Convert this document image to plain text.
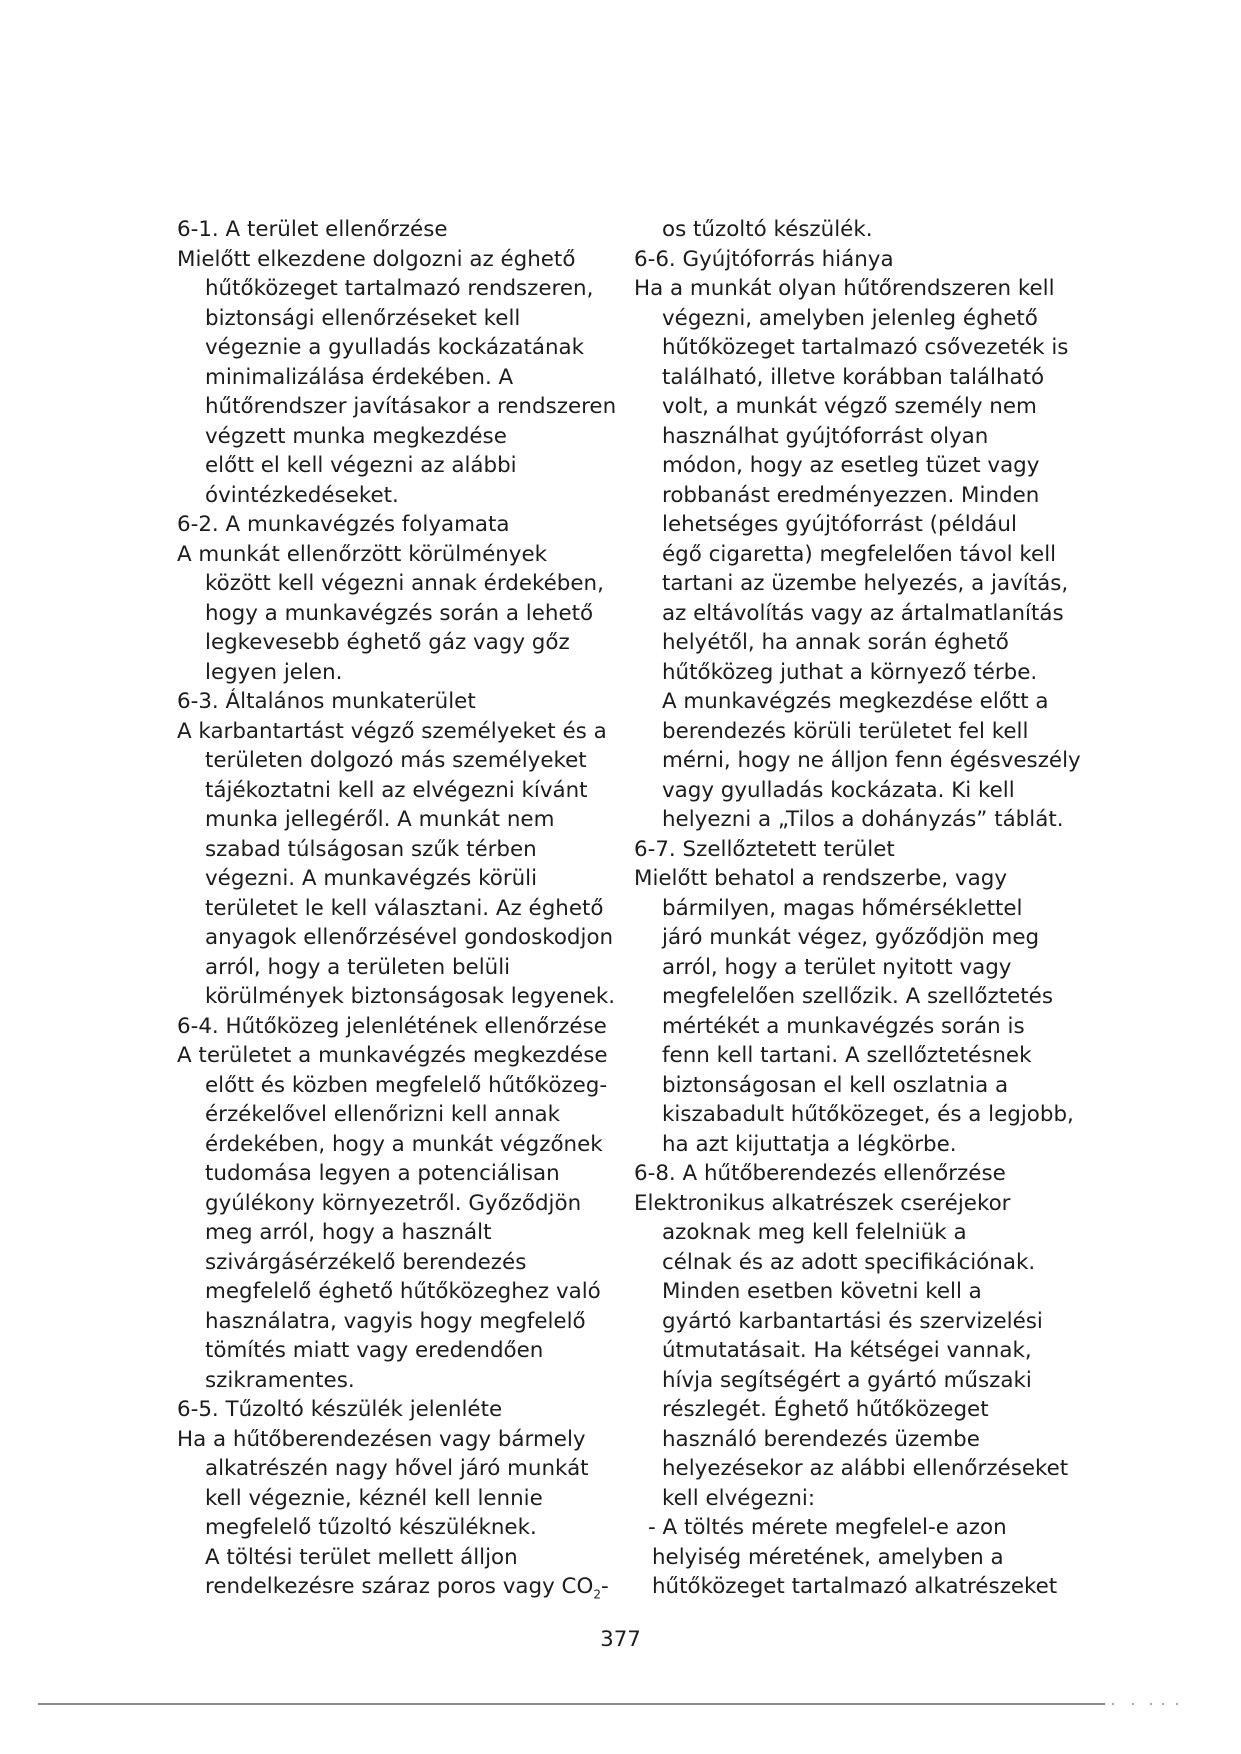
6-1. A terület ellenőrzése
Mielőtt elkezdene dolgozni az éghető
hűtőközeget tartalmazó rendszeren,
biztonsági ellenőrzéseket kell
végeznie a gyulladás kockázatának
minimalizálása érdekében. A
hűtőrendszer javításakor a rendszeren
végzett munka megkezdése
előtt el kell végezni az alábbi
óvintézkedéseket.
6-2. A munkavégzés folyamata
A munkát ellenőrzött körülmények
között kell végezni annak érdekében,
hogy a munkavégzés során a lehető
legkevesebb éghető gáz vagy gőz
legyen jelen.
6-3. Általános munkaterület
A karbantartást végző személyeket és a
területen dolgozó más személyeket
tájékoztatni kell az elvégezni kívánt
munka jellegéről. A munkát nem
szabad túlságosan szűk térben
végezni. A munkavégzés körüli
területet le kell választani. Az éghető
anyagok ellenőrzésével gondoskodjon
arról, hogy a területen belüli
körülmények biztonságosak legyenek.
6-4. Hűtőközeg jelenlétének ellenőrzése
A területet a munkavégzés megkezdése
előtt és közben megfelelő hűtőközeg-
érzékelővel ellenőrizni kell annak
érdekében, hogy a munkát végzőnek
tudomása legyen a potenciálisan
gyúlékony környezetről. Győződjön
meg arról, hogy a használt
szivárgásérzékelő berendezés
megfelelő éghető hűtőközeghez való
használatra, vagyis hogy megfelelő
tömítés miatt vagy eredendően
szikramentes.
6-5. Tűzoltó készülék jelenléte
Ha a hűtőberendezésen vagy bármely
alkatrészén nagy hővel járó munkát
kell végeznie, kéznél kell lennie
megfelelő tűzoltó készüléknek.
A töltési terület mellett álljon
rendelkezésre száraz poros vagy $CO_2-$
os tűzoltó készülék.
6-6. Gyújtóforrás hiánya
Ha a munkát olyan hűtőrendszeren kell
végezni, amelyben jelenleg éghető
hűtőközeget tartalmazó csővezeték is
található, illetve korábban található
volt, a munkát végző személy nem
használhat gyújtóforrást olyan
módon, hogy az esetleg tüzet vagy
robbanást eredményezzen. Minden
lehetséges gyújtóforrást (például
égő cigaretta) megfelelően távol kell
tartani az üzembe helyezés, a javítás,
az eltávolítás vagy az ártalmatlanítás
helyétől, ha annak során éghető
hűtőközeg juthat a környező térbe.
A munkavégzés megkezdése előtt a
berendezés körüli területet fel kell
mérni, hogy ne álljon fenn égésveszély
vagy gyulladás kockázata. Ki kell
helyezni a „Tilos a dohányzás” táblát.
6-7. Szellőztetett terület
Mielőtt behatol a rendszerbe, vagy
bármilyen, magas hőmérséklettel
járó munkát végez, győződjön meg
arról, hogy a terület nyitott vagy
megfelelően szellőzik. A szellőztetés
mértékét a munkavégzés során is
fenn kell tartani. A szellőztetésnek
biztonságosan el kell oszlatnia a
kiszabadult hűtőközeget, és a legjobb,
ha azt kijuttatja a légkörbe.
6-8. A hűtőberendezés ellenőrzése
Elektronikus alkatrészek cseréjekor
azoknak meg kell felelniük a
célnak és az adott specifikációnak.
Minden esetben követni kell a
gyártó karbantartási és szervizelési
útmutatásait. Ha kétségei vannak,
hívja segítségért a gyártó műszaki
részlegét. Éghető hűtőközeget
használó berendezés üzembe
helyezésekor az alábbi ellenőrzéseket
kell elvégezni:
- A töltés mérete megfelel-e azon
helyiség méretének, amelyben a
hűtőközeget tartalmazó alkatrészeket
377
